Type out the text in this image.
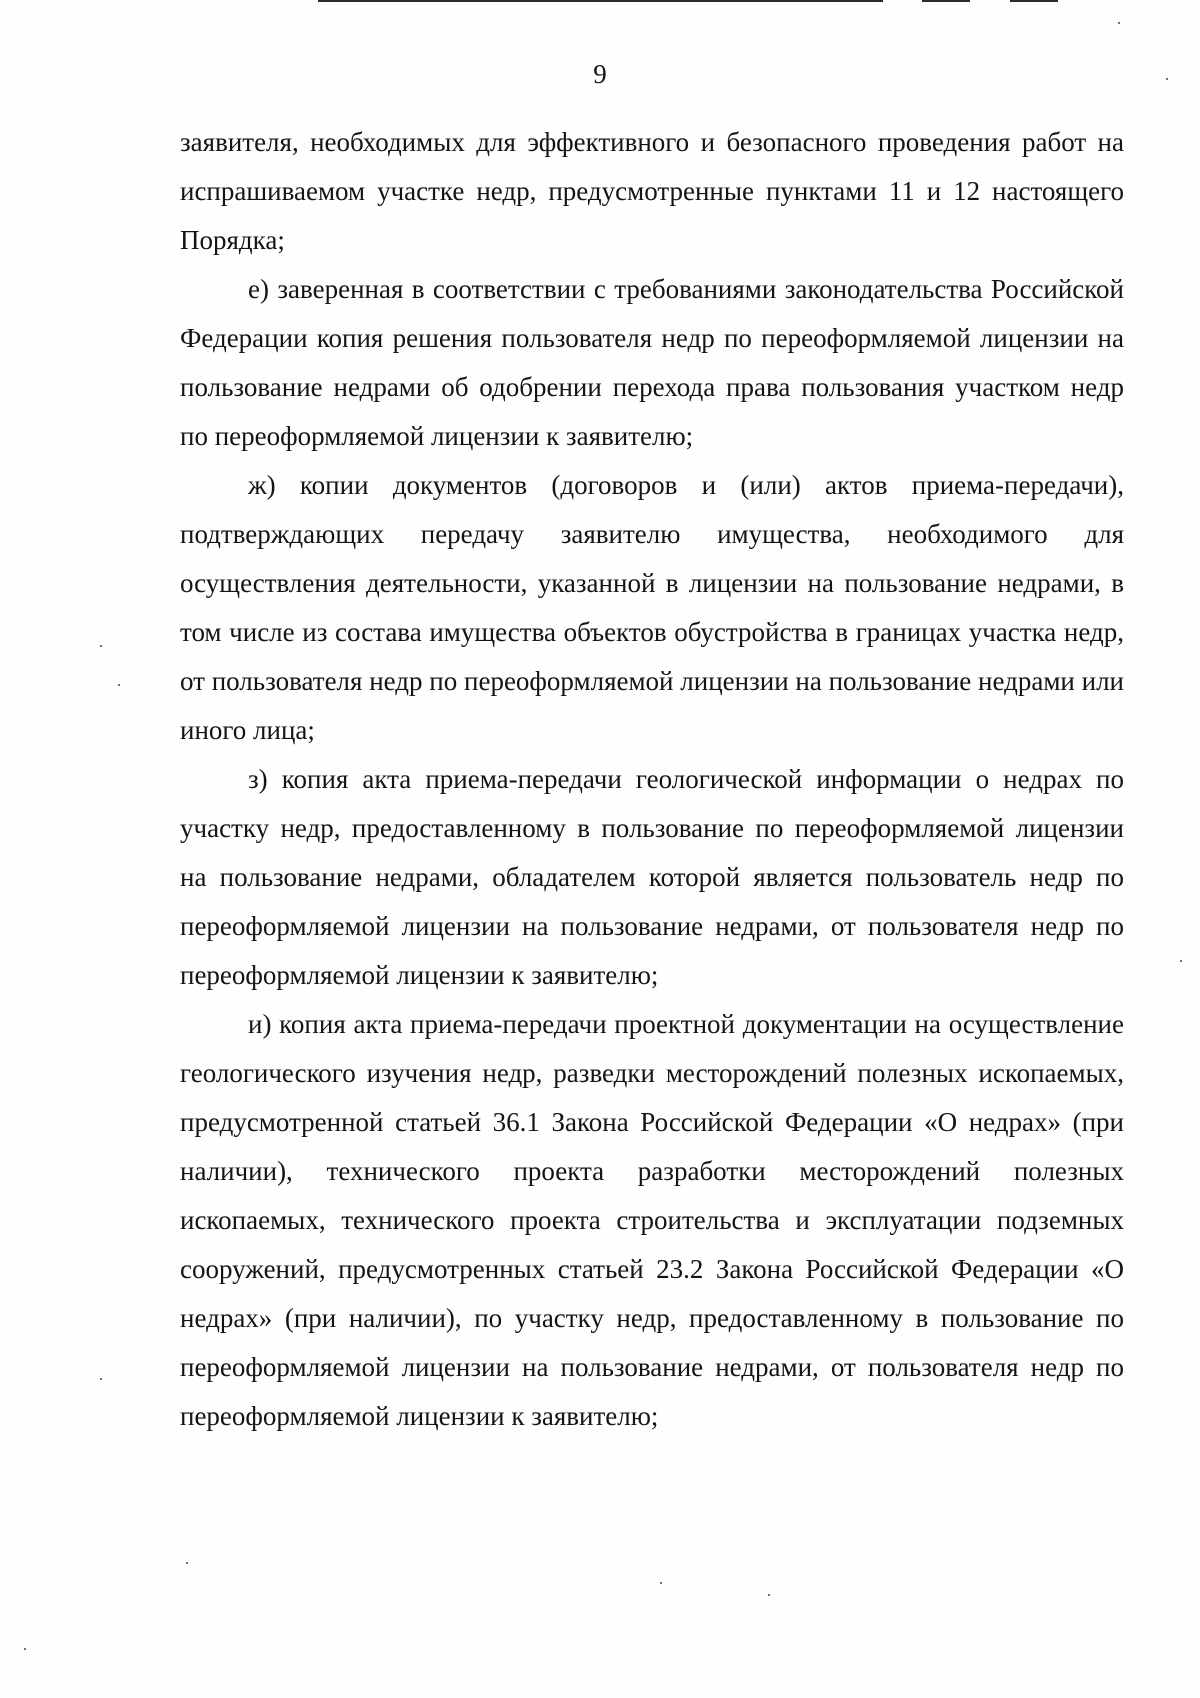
9

заявителя, необходимых для эффективного и безопасного проведения работ на испрашиваемом участке недр, предусмотренные пунктами 11 и 12 настоящего Порядка;

е) заверенная в соответствии с требованиями законодательства Российской Федерации копия решения пользователя недр по переоформляемой лицензии на пользование недрами об одобрении перехода права пользования участком недр по переоформляемой лицензии к заявителю;

ж) копии документов (договоров и (или) актов приема-передачи), подтверждающих передачу заявителю имущества, необходимого для осуществления деятельности, указанной в лицензии на пользование недрами, в том числе из состава имущества объектов обустройства в границах участка недр, от пользователя недр по переоформляемой лицензии на пользование недрами или иного лица;

з) копия акта приема-передачи геологической информации о недрах по участку недр, предоставленному в пользование по переоформляемой лицензии на пользование недрами, обладателем которой является пользователь недр по переоформляемой лицензии на пользование недрами, от пользователя недр по переоформляемой лицензии к заявителю;

и) копия акта приема-передачи проектной документации на осуществление геологического изучения недр, разведки месторождений полезных ископаемых, предусмотренной статьей 36.1 Закона Российской Федерации «О недрах» (при наличии), технического проекта разработки месторождений полезных ископаемых, технического проекта строительства и эксплуатации подземных сооружений, предусмотренных статьей 23.2 Закона Российской Федерации «О недрах» (при наличии), по участку недр, предоставленному в пользование по переоформляемой лицензии на пользование недрами, от пользователя недр по переоформляемой лицензии к заявителю;
